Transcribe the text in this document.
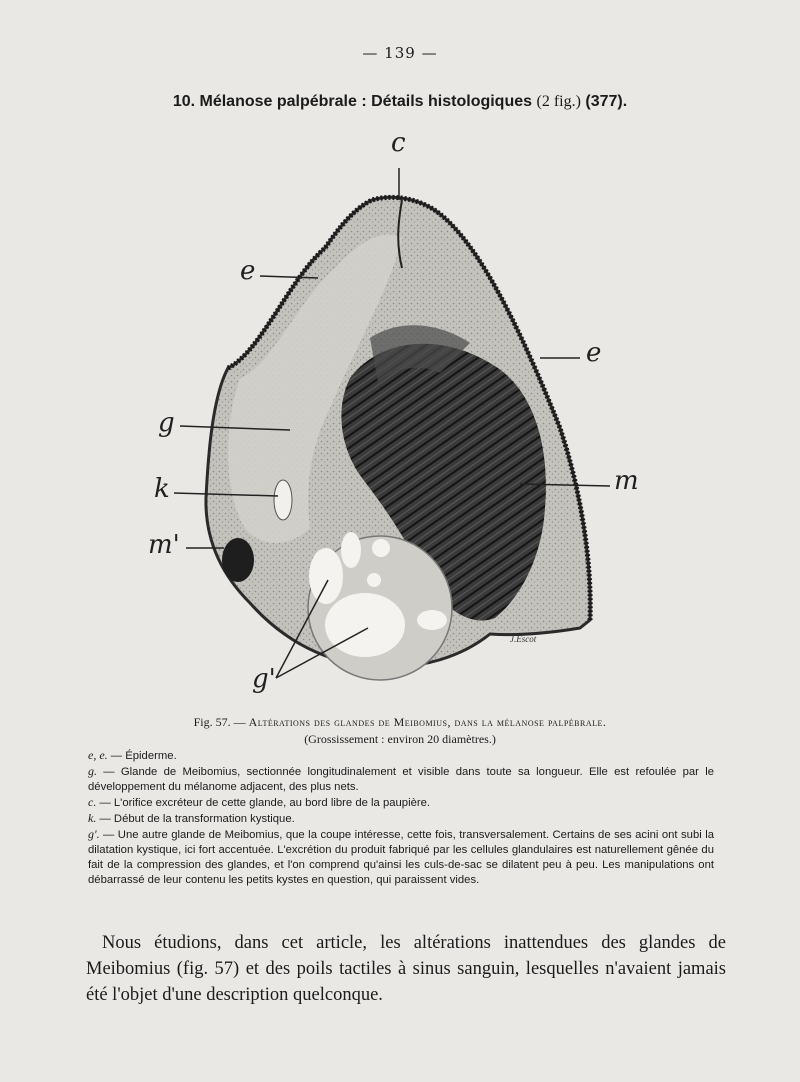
— 139 —
10. Mélanose palpébrale : Détails histologiques (2 fig.) (377).
c
e
e
g
k	m
m'
g'
J.Escot
Fig. 57. — Altérations des glandes de Meibomius, dans la mélanose palpébrale.
(Grossissement : environ 20 diamètres.)

e, e. — Épiderme.

g. — Glande de Meibomius, sectionnée longitudinalement et visible dans toute sa longueur. Elle est refoulée par le développement du mélanome adjacent, des plus nets.

c. — L'orifice excréteur de cette glande, au bord libre de la paupière.

k. — Début de la transformation kystique.

g'. — Une autre glande de Meibomius, que la coupe intéresse, cette fois, transversalement. Certains de ses acini ont subi la dilatation kystique, ici fort accentuée. L'excrétion du produit fabriqué par les cellules glandulaires est naturellement gênée du fait de la compression des glandes, et l'on comprend qu'ainsi les culs-de-sac se dilatent peu à peu. Les manipulations ont débarrassé de leur contenu les petits kystes en question, qui paraissent vides.

Nous étudions, dans cet article, les altérations inattendues des glandes de Meibomius (fig. 57) et des poils tactiles à sinus sanguin, lesquelles n'avaient jamais été l'objet d'une description quelconque.
